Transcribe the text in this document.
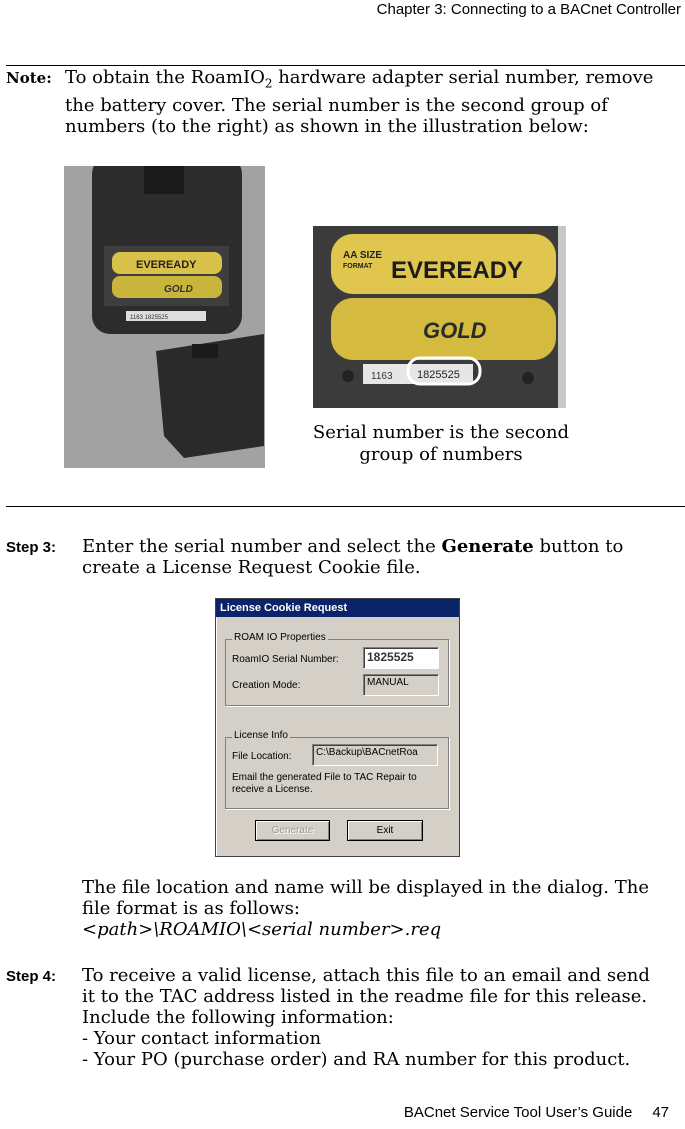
Chapter 3: Connecting to a BACnet Controller
Note: To obtain the RoamIO$_2$ hardware adapter serial number, remove
the battery cover. The serial number is the second group of
numbers (to the right) as shown in the illustration below:
EVEREADY
GOLD
1163 1825525
AA SIZE
FORMAT EVEREADY
GOLD
1163 1825525
Serial number is the second
group of numbers
Step 3: Enter the serial number and select the Generate button to
create a License Request Cookie file.
License Cookie Request
ROAM IO Properties
RoamIO Serial Number:	1825525
Creation Mode:	MANUAL
License Info
File Location:	C:\Backup\BACnetRoa
Email the generated File to TAC Repair to
receive a License.
Generate	Exit
The file location and name will be displayed in the dialog. The
file format is as follows:
<path>\ROAMIO\<serial number>.req
Step 4: To receive a valid license, attach this file to an email and send
it to the TAC address listed in the readme file for this release.
Include the following information:
- Your contact information
- Your PO (purchase order) and RA number for this product.
BACnet Service Tool User’s Guide 47
